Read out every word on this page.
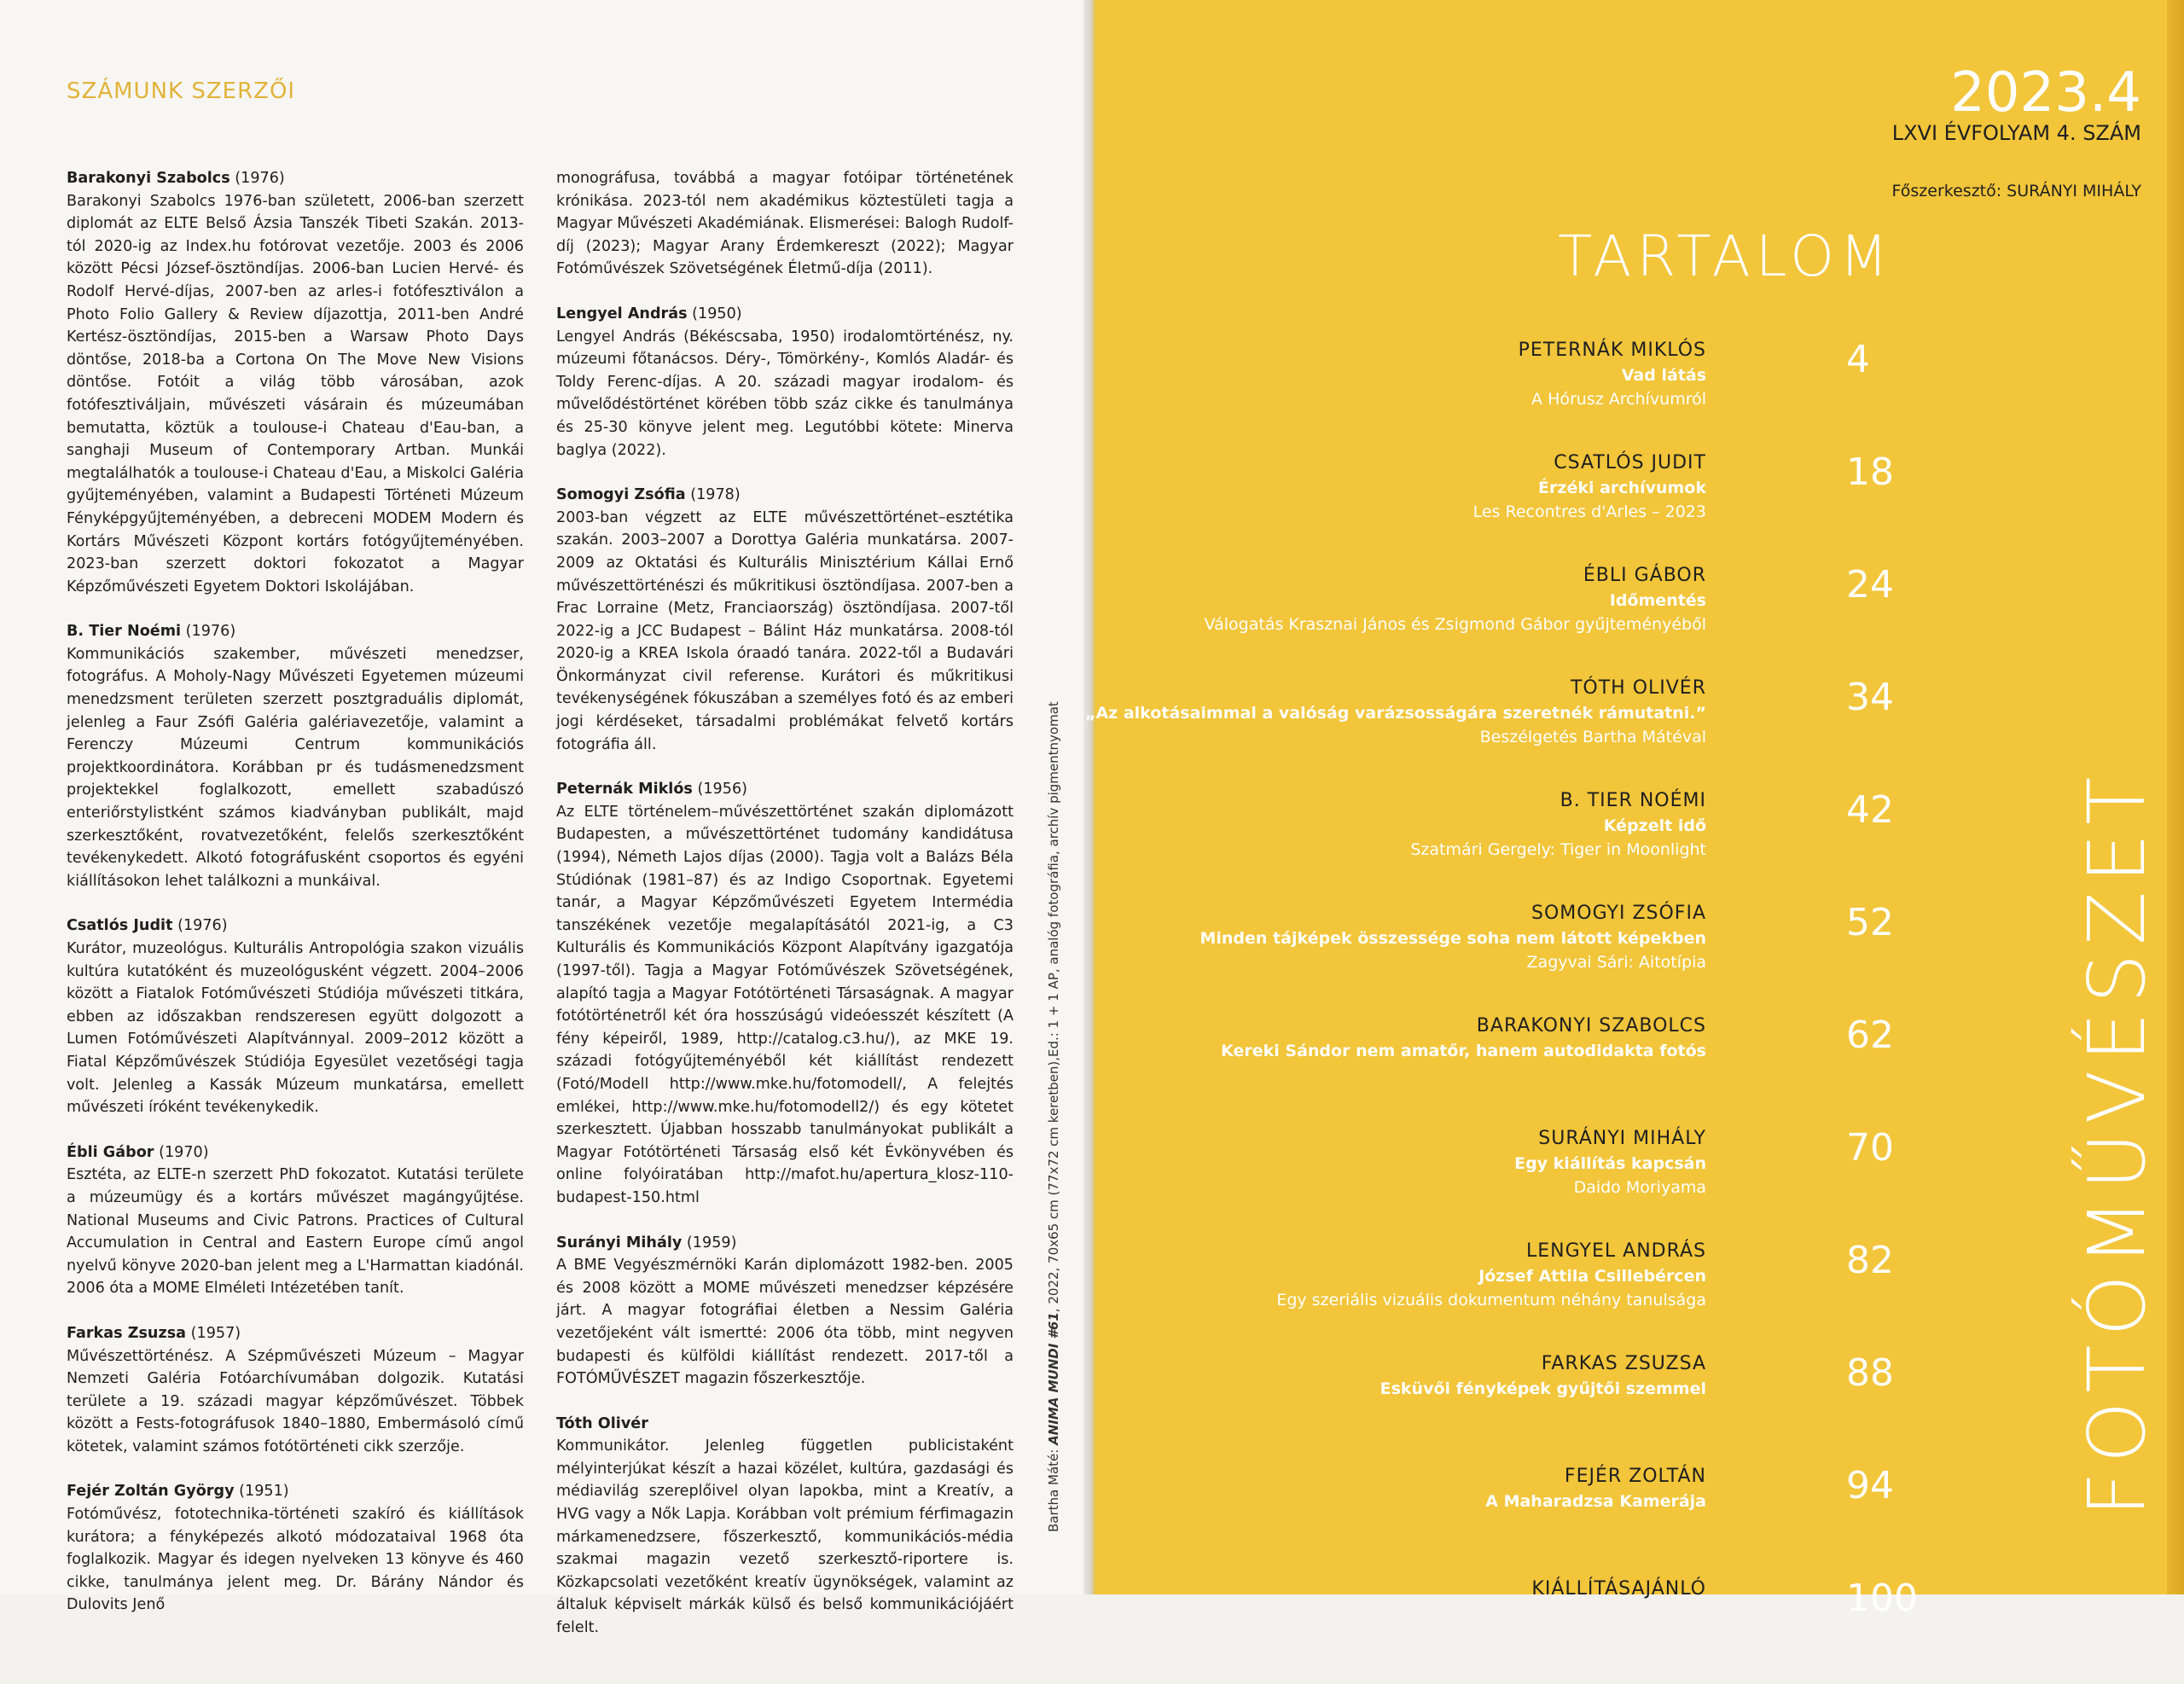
SZÁMUNK SZERZŐI
Barakonyi Szabolcs (1976)

Barakonyi Szabolcs 1976-ban született, 2006-ban szerzett diplomát az ELTE Belső Ázsia Tanszék Tibeti Szakán. 2013-tól 2020-ig az Index.hu fotórovat vezetője. 2003 és 2006 között Pécsi József-ösztöndíjas. 2006-ban Lucien Hervé- és Rodolf Hervé-díjas, 2007-ben az arles-i fotófesztiválon a Photo Folio Gallery & Review díjazottja, 2011-ben André Kertész-ösztöndíjas, 2015-ben a Warsaw Photo Days döntőse, 2018-ba a Cortona On The Move New Visions döntőse. Fotóit a világ több városában, azok fotófesztiváljain, művészeti vásárain és múzeumában bemutatta, köztük a toulouse-i Chateau d'Eau-ban, a sanghaji Museum of Contemporary Artban. Munkái megtalálhatók a toulouse-i Chateau d'Eau, a Miskolci Galéria gyűjteményében, valamint a Budapesti Történeti Múzeum Fényképgyűjteményében, a debreceni MODEM Modern és Kortárs Művészeti Központ kortárs fotógyűjteményében. 2023-ban szerzett doktori fokozatot a Magyar Képzőművészeti Egyetem Doktori Iskolájában.

B. Tier Noémi (1976)

Kommunikációs szakember, művészeti menedzser, fotográfus. A Moholy-Nagy Művészeti Egyetemen múzeumi menedzsment területen szerzett posztgraduális diplomát, jelenleg a Faur Zsófi Galéria galériavezetője, valamint a Ferenczy Múzeumi Centrum kommunikációs projektkoordinátora. Korábban pr és tudásmenedzsment projektekkel foglalkozott, emellett szabadúszó enteriőrstylistként számos kiadványban publikált, majd szerkesztőként, rovatvezetőként, felelős szerkesztőként tevékenykedett. Alkotó fotográfusként csoportos és egyéni kiállításokon lehet találkozni a munkáival.

Csatlós Judit (1976)

Kurátor, muzeológus. Kulturális Antropológia szakon vizuális kultúra kutatóként és muzeológusként végzett. 2004–2006 között a Fiatalok Fotóművészeti Stúdiója művészeti titkára, ebben az időszakban rendszeresen együtt dolgozott a Lumen Fotóművészeti Alapítvánnyal. 2009–2012 között a Fiatal Képzőművészek Stúdiója Egyesület vezetőségi tagja volt. Jelenleg a Kassák Múzeum munkatársa, emellett művészeti íróként tevékenykedik.

Ébli Gábor (1970)

Esztéta, az ELTE-n szerzett PhD fokozatot. Kutatási területe a múzeumügy és a kortárs művészet magángyűjtése. National Museums and Civic Patrons. Practices of Cultural Accumulation in Central and Eastern Europe című angol nyelvű könyve 2020-ban jelent meg a L'Harmattan kiadónál. 2006 óta a MOME Elméleti Intézetében tanít.

Farkas Zsuzsa (1957)

Művészettörténész. A Szépművészeti Múzeum – Magyar Nemzeti Galéria Fotóarchívumában dolgozik. Kutatási területe a 19. századi magyar képzőművészet. Többek között a Fests-fotográfusok 1840–1880, Embermásoló című kötetek, valamint számos fotótörténeti cikk szerzője.

Fejér Zoltán György (1951)

Fotóművész, fototechnika-történeti szakíró és kiállítások kurátora; a fényképezés alkotó módozataival 1968 óta foglalkozik. Magyar és idegen nyelveken 13 könyve és 460 cikke, tanulmánya jelent meg. Dr. Bárány Nándor és Dulovits Jenő

monográfusa, továbbá a magyar fotóipar történetének krónikása. 2023-tól nem akadémikus köztestületi tagja a Magyar Művészeti Akadémiának. Elismerései: Balogh Rudolf-díj (2023); Magyar Arany Érdemkereszt (2022); Magyar Fotóművészek Szövetségének Életmű-díja (2011).

Lengyel András (1950)

Lengyel András (Békéscsaba, 1950) irodalomtörténész, ny. múzeumi főtanácsos. Déry-, Tömörkény-, Komlós Aladár- és Toldy Ferenc-díjas. A 20. századi magyar irodalom- és művelődéstörténet körében több száz cikke és tanulmánya és 25-30 könyve jelent meg. Legutóbbi kötete: Minerva baglya (2022).

Somogyi Zsófia (1978)

2003-ban végzett az ELTE művészettörténet–esztétika szakán. 2003–2007 a Dorottya Galéria munkatársa. 2007-2009 az Oktatási és Kulturális Minisztérium Kállai Ernő művészettörténészi és műkritikusi ösztöndíjasa. 2007-ben a Frac Lorraine (Metz, Franciaország) ösztöndíjasa. 2007-től 2022-ig a JCC Budapest – Bálint Ház munkatársa. 2008-tól 2020-ig a KREA Iskola óraadó tanára. 2022-től a Budavári Önkormányzat civil referense. Kurátori és műkritikusi tevékenységének fókuszában a személyes fotó és az emberi jogi kérdéseket, társadalmi problémákat felvető kortárs fotográfia áll.

Peternák Miklós (1956)

Az ELTE történelem–művészettörténet szakán diplomázott Budapesten, a művészettörténet tudomány kandidátusa (1994), Németh Lajos díjas (2000). Tagja volt a Balázs Béla Stúdiónak (1981–87) és az Indigo Csoportnak. Egyetemi tanár, a Magyar Képzőművészeti Egyetem Intermédia tanszékének vezetője megalapításától 2021-ig, a C3 Kulturális és Kommunikációs Központ Alapítvány igazgatója (1997-től). Tagja a Magyar Fotóművészek Szövetségének, alapító tagja a Magyar Fotótörténeti Társaságnak. A magyar fotótörténetről két óra hosszúságú videóesszét készített (A fény képeiről, 1989, http://catalog.c3.hu/), az MKE 19. századi fotógyűjteményéből két kiállítást rendezett (Fotó/Modell http://www.mke.hu/fotomodell/, A felejtés emlékei, http://www.mke.hu/fotomodell2/) és egy kötetet szerkesztett. Újabban hosszabb tanulmányokat publikált a Magyar Fotótörténeti Társaság első két Évkönyvében és online folyóiratában http://mafot.hu/apertura_klosz-110-budapest-150.html

Surányi Mihály (1959)

A BME Vegyészmérnöki Karán diplomázott 1982-ben. 2005 és 2008 között a MOME művészeti menedzser képzésére járt. A magyar fotográfiai életben a Nessim Galéria vezetőjeként vált ismertté: 2006 óta több, mint negyven budapesti és külföldi kiállítást rendezett. 2017-től a FOTÓMŰVÉSZET magazin főszerkesztője.

Tóth Olivér

Kommunikátor. Jelenleg független publicistaként mélyinterjúkat készít a hazai közélet, kultúra, gazdasági és médiavilág szereplőivel olyan lapokba, mint a Kreatív, a HVG vagy a Nők Lapja. Korábban volt prémium férfimagazin márkamenedzsere, főszerkesztő, kommunikációs-média szakmai magazin vezető szerkesztő-riportere is. Közkapcsolati vezetőként kreatív ügynökségek, valamint az általuk képviselt márkák külső és belső kommunikációjáért felelt.

Bartha Máté: ANIMA MUNDI #61, 2022, 70x65 cm (77x72 cm keretben),Ed.: 1 + 1 AP, analóg fotográfia, archív pigmentnyomat
2023.4
LXVI ÉVFOLYAM 4. SZÁM
Főszerkesztő: SURÁNYI MIHÁLY
TARTALOM
PETERNÁK MIKLÓS
Vad látás
A Hórusz Archívumról
4
CSATLÓS JUDIT
Érzéki archívumok
Les Recontres d'Arles – 2023
18
ÉBLI GÁBOR
Időmentés
Válogatás Krasznai János és Zsigmond Gábor gyűjteményéből
24
TÓTH OLIVÉR
„Az alkotásaimmal a valóság varázsosságára szeretnék rámutatni.”
Beszélgetés Bartha Mátéval
34
B. TIER NOÉMI
Képzelt idő
Szatmári Gergely: Tiger in Moonlight
42
SOMOGYI ZSÓFIA
Minden tájképek összessége soha nem látott képekben
Zagyvai Sári: Aitotípia
52
BARAKONYI SZABOLCS
Kereki Sándor nem amatőr, hanem autodidakta fotós	62
SURÁNYI MIHÁLY
Egy kiállítás kapcsán
Daido Moriyama
70
LENGYEL ANDRÁS
József Attila Csillebércen
Egy szeriális vizuális dokumentum néhány tanulsága
82
FARKAS ZSUZSA
Esküvői fényképek gyűjtői szemmel	88
FEJÉR ZOLTÁN
A Maharadzsa Kamerája	94
KIÁLLÍTÁSAJÁNLÓ	100
FOTÓMŰVÉSZET
